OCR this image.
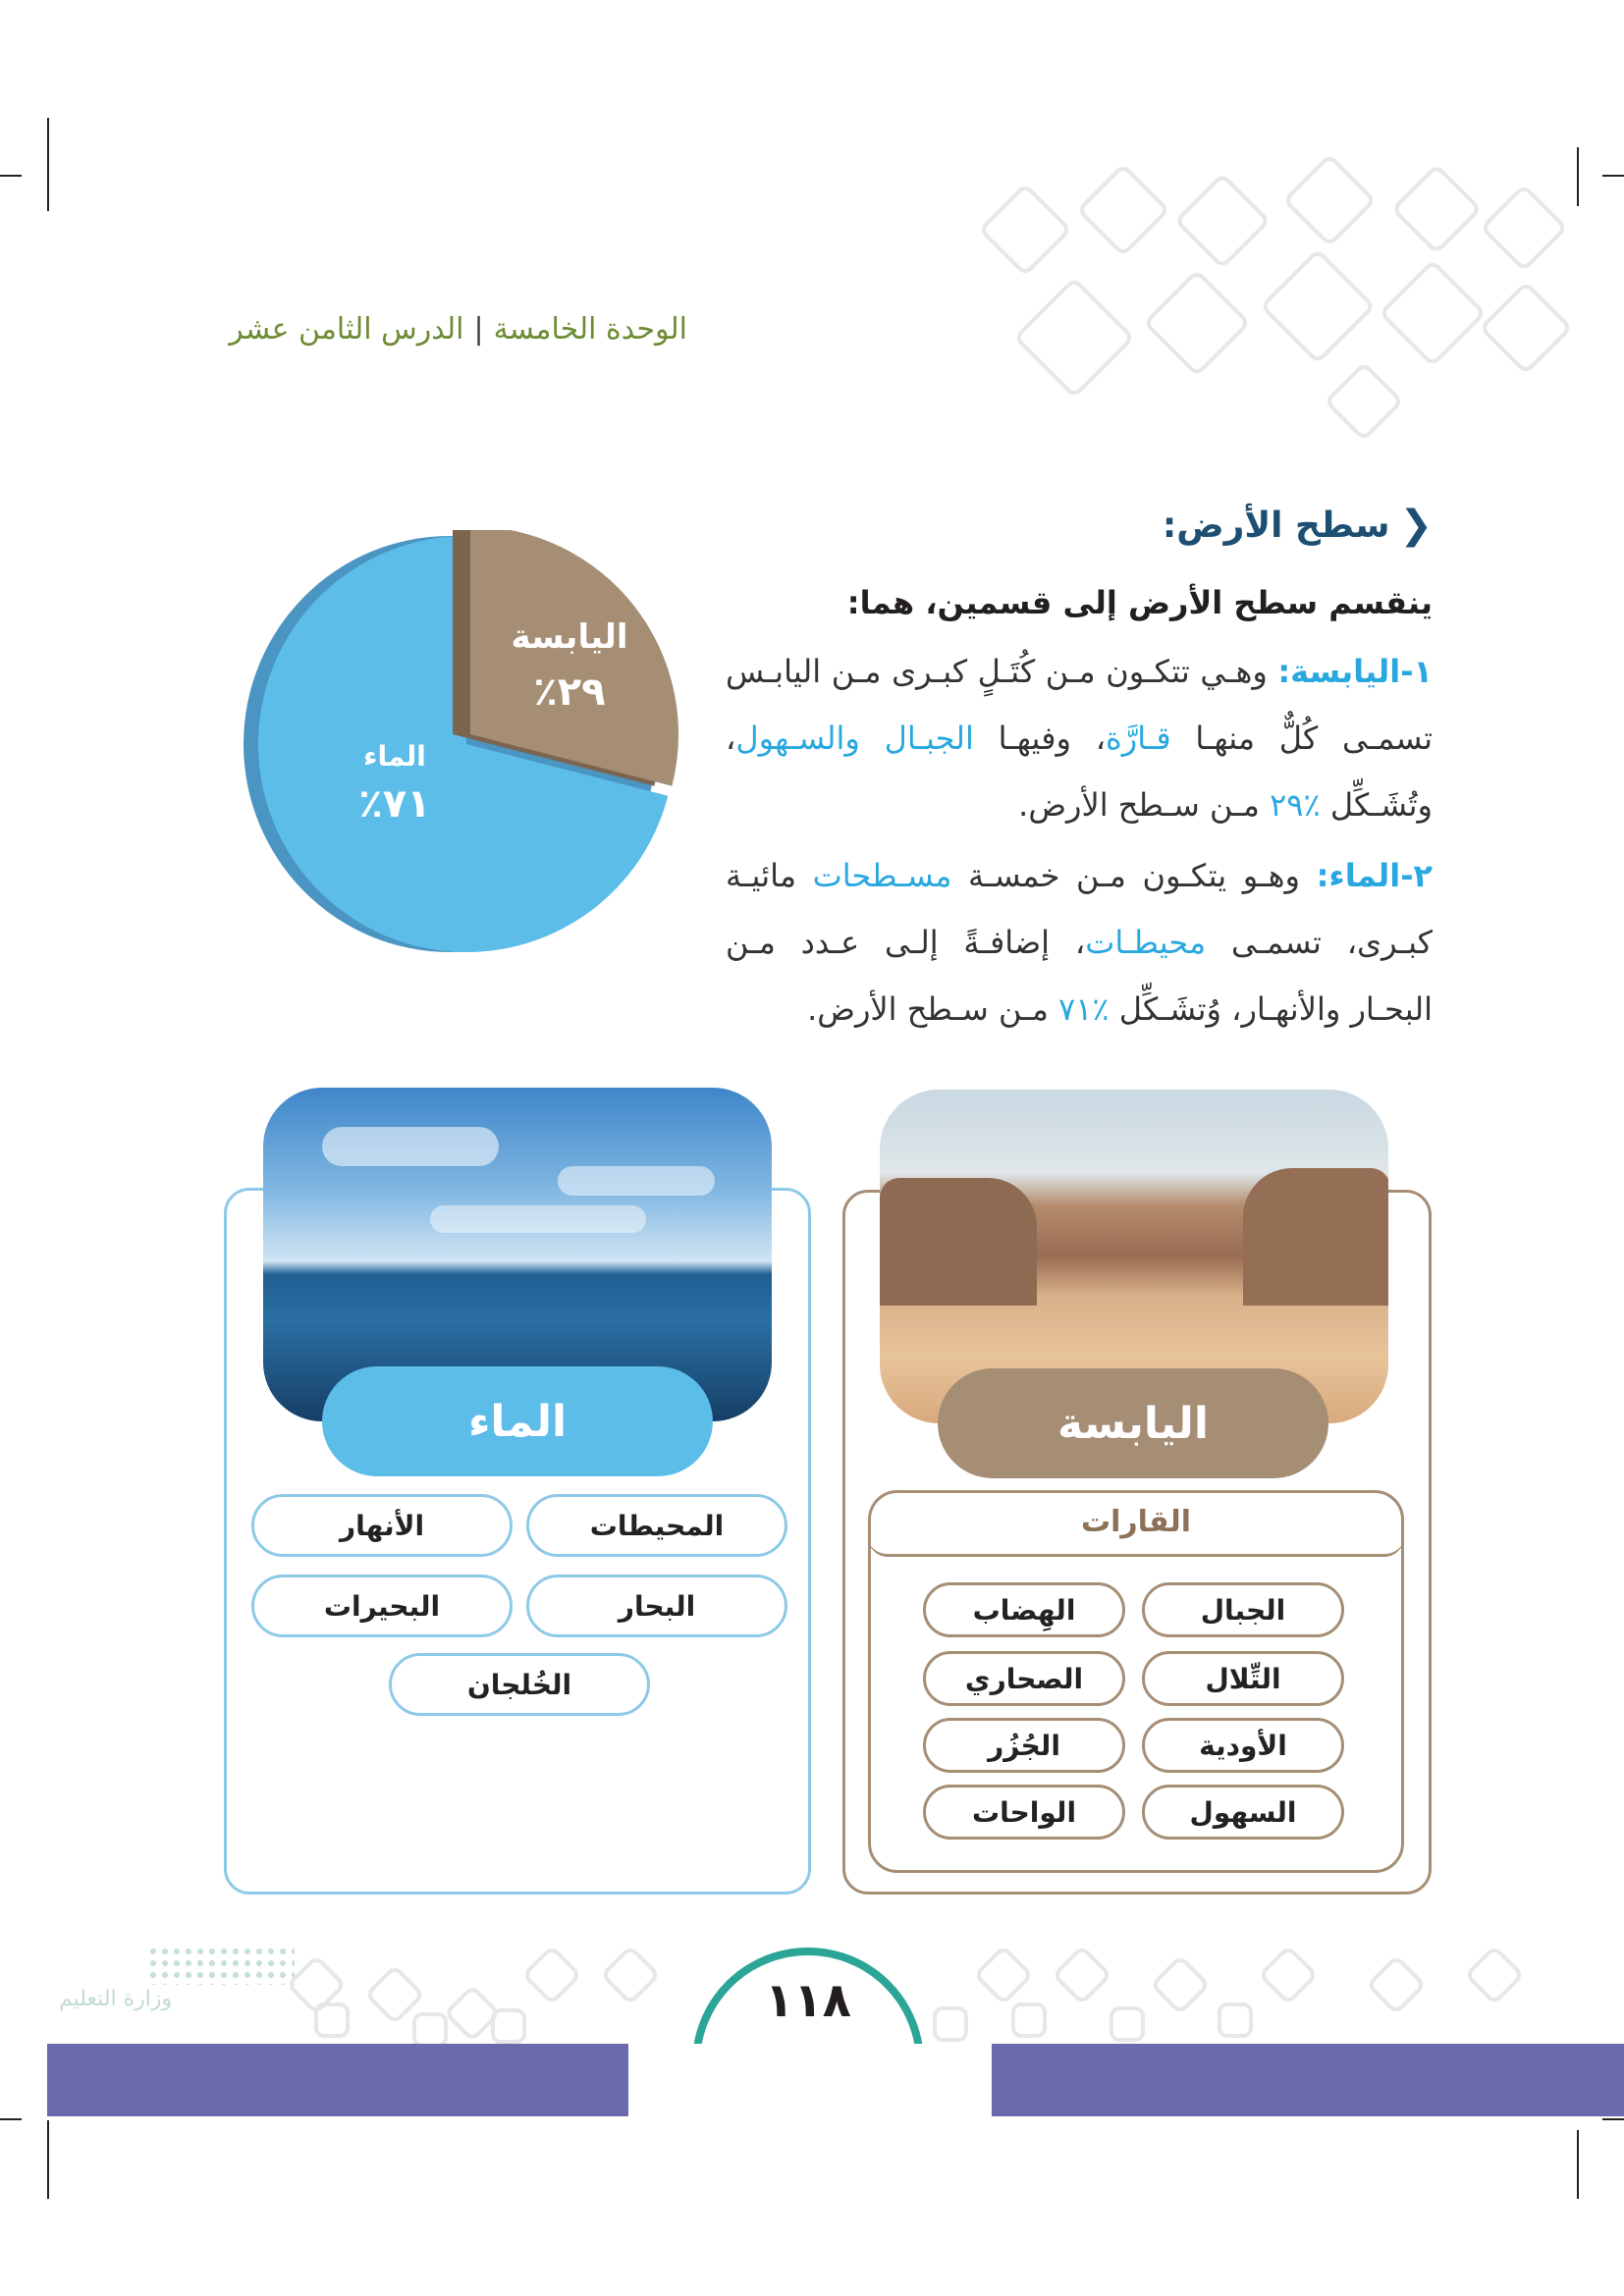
الوحدة الخامسة|الدرس الثامن عشر
❮
سطح الأرض:
ينقسم سطح الأرض إلى قسمين، هما:
١-اليابسة: وهـي تتكـون مـن كُتَـلٍ كبـرى مـن اليابـس تسمـى كُلٌّ منهـا قـارَّة، وفيهـا الجبـال والسـهول، وتُشَـكِّل ٪٢٩ مـن سـطح الأرض.
٢-الماء: وهـو يتكـون مـن خمسـة مسـطحات مائيـة كبـرى، تسمـى محيطـات، إضافـةً إلـى عـدد مـن البحـار والأنهـار، وُتشَـكِّل ٪٧١ مـن سـطح الأرض.
اليابسة
٪٢٩
الماء
٪٧١
الماء
المحيطات
الأنهار
البحار
البحيرات
الخُلجان
اليابسة
القارات
الجبال
الهِضاب
التِّلال
الصحاري
الأودية
الجُزُر
السهول
الواحات
وزارة التعليم	١١٨
